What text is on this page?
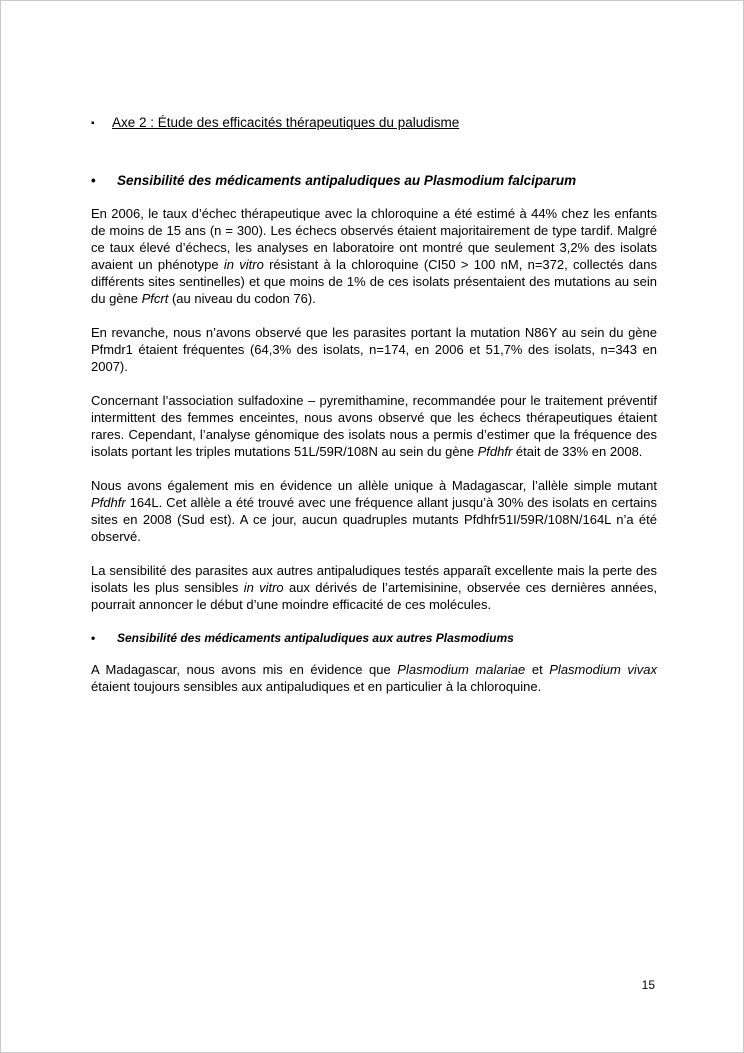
▪ Axe 2 : Étude des efficacités thérapeutiques du paludisme
• Sensibilité des médicaments antipaludiques au Plasmodium falciparum

En 2006, le taux d’échec thérapeutique avec la chloroquine a été estimé à 44% chez les enfants de moins de 15 ans (n = 300). Les échecs observés étaient majoritairement de type tardif. Malgré ce taux élevé d’échecs, les analyses en laboratoire ont montré que seulement 3,2% des isolats avaient un phénotype in vitro résistant à la chloroquine (CI50 > 100 nM, n=372, collectés dans différents sites sentinelles) et que moins de 1% de ces isolats présentaient des mutations au sein du gène Pfcrt (au niveau du codon 76).

En revanche, nous n’avons observé que les parasites portant la mutation N86Y au sein du gène Pfmdr1 étaient fréquentes (64,3% des isolats, n=174, en 2006 et 51,7% des isolats, n=343 en 2007).

Concernant l’association sulfadoxine – pyremithamine, recommandée pour le traitement préventif intermittent des femmes enceintes, nous avons observé que les échecs thérapeutiques étaient rares. Cependant, l’analyse génomique des isolats nous a permis d’estimer que la fréquence des isolats portant les triples mutations 51L/59R/108N au sein du gène Pfdhfr était de 33% en 2008.

Nous avons également mis en évidence un allèle unique à Madagascar, l’allèle simple mutant Pfdhfr 164L. Cet allèle a été trouvé avec une fréquence allant jusqu’à 30% des isolats en certains sites en 2008 (Sud est). A ce jour, aucun quadruples mutants Pfdhfr51I/59R/108N/164L n’a été observé.

La sensibilité des parasites aux autres antipaludiques testés apparaît excellente mais la perte des isolats les plus sensibles in vitro aux dérivés de l’artemisinine, observée ces dernières années, pourrait annoncer le début d’une moindre efficacité de ces molécules.

• Sensibilité des médicaments antipaludiques aux autres Plasmodiums

A Madagascar, nous avons mis en évidence que Plasmodium malariae et Plasmodium vivax étaient toujours sensibles aux antipaludiques et en particulier à la chloroquine.

15
